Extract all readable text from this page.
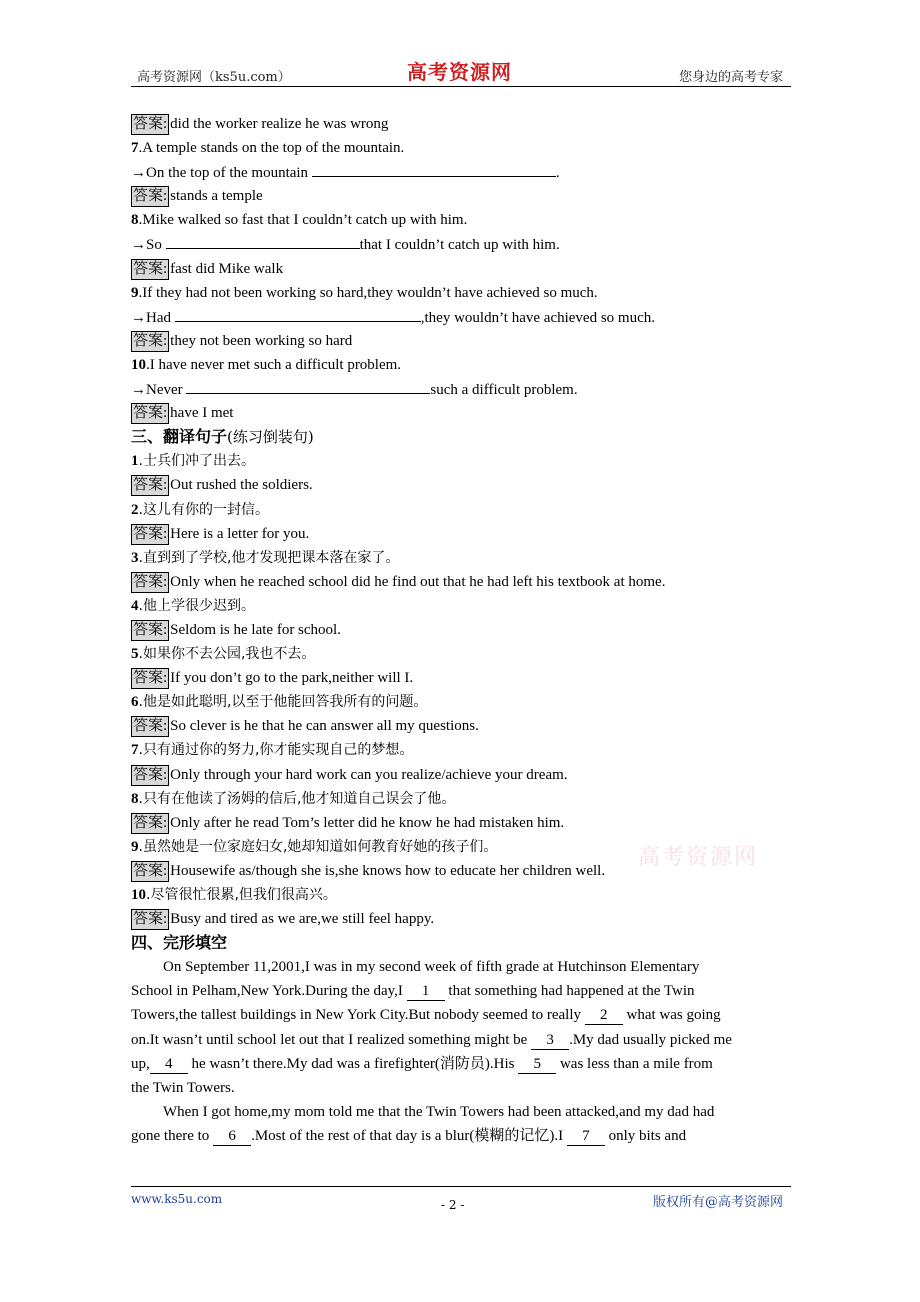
高考资源网（ks5u.com）	高考资源网	您身边的高考专家
答案: did the worker realize he was wrong
7.A temple stands on the top of the mountain.
→On the top of the mountain	.
答案: stands a temple
8.Mike walked so fast that I couldn’t catch up with him.
→So	that I couldn’t catch up with him.
答案: fast did Mike walk
9.If they had not been working so hard,they wouldn’t have achieved so much.
→Had	,they wouldn’t have achieved so much.
答案: they not been working so hard
10.I have never met such a difficult problem.
→Never	such a difficult problem.
答案: have I met
三、翻译句子(练习倒装句)
1.士兵们冲了出去。
答案: Out rushed the soldiers.
2.这儿有你的一封信。
答案: Here is a letter for you.
3.直到到了学校,他才发现把课本落在家了。
答案: Only when he reached school did he find out that he had left his textbook at home.
4.他上学很少迟到。
答案: Seldom is he late for school.
5.如果你不去公园,我也不去。
答案: If you don’t go to the park,neither will I.
6.他是如此聪明,以至于他能回答我所有的问题。
答案: So clever is he that he can answer all my questions.
7.只有通过你的努力,你才能实现自己的梦想。
答案: Only through your hard work can you realize/achieve your dream.
8.只有在他读了汤姆的信后,他才知道自己误会了他。
答案: Only after he read Tom’s letter did he know he had mistaken him.
9.虽然她是一位家庭妇女,她却知道如何教育好她的孩子们。
答案: Housewife as/though she is,she knows how to educate her children well.
10.尽管很忙很累,但我们很高兴。
答案: Busy and tired as we are,we still feel happy.
四、完形填空
On September 11,2001,I was in my second week of fifth grade at Hutchinson Elementary
School in Pelham,New York.During the day,I 1 that something had happened at the Twin
Towers,the tallest buildings in New York City.But nobody seemed to really 2 what was going
on.It wasn’t until school let out that I realized something might be 3 .My dad usually picked me
up, 4 he wasn’t there.My dad was a firefighter(消防员).His 5 was less than a mile from
the Twin Towers.
When I got home,my mom told me that the Twin Towers had been attacked,and my dad had
gone there to 6 .Most of the rest of that day is a blur(模糊的记忆).I 7 only bits and
高考资源网
www.ks5u.com	- 2 -	版权所有@高考资源网
